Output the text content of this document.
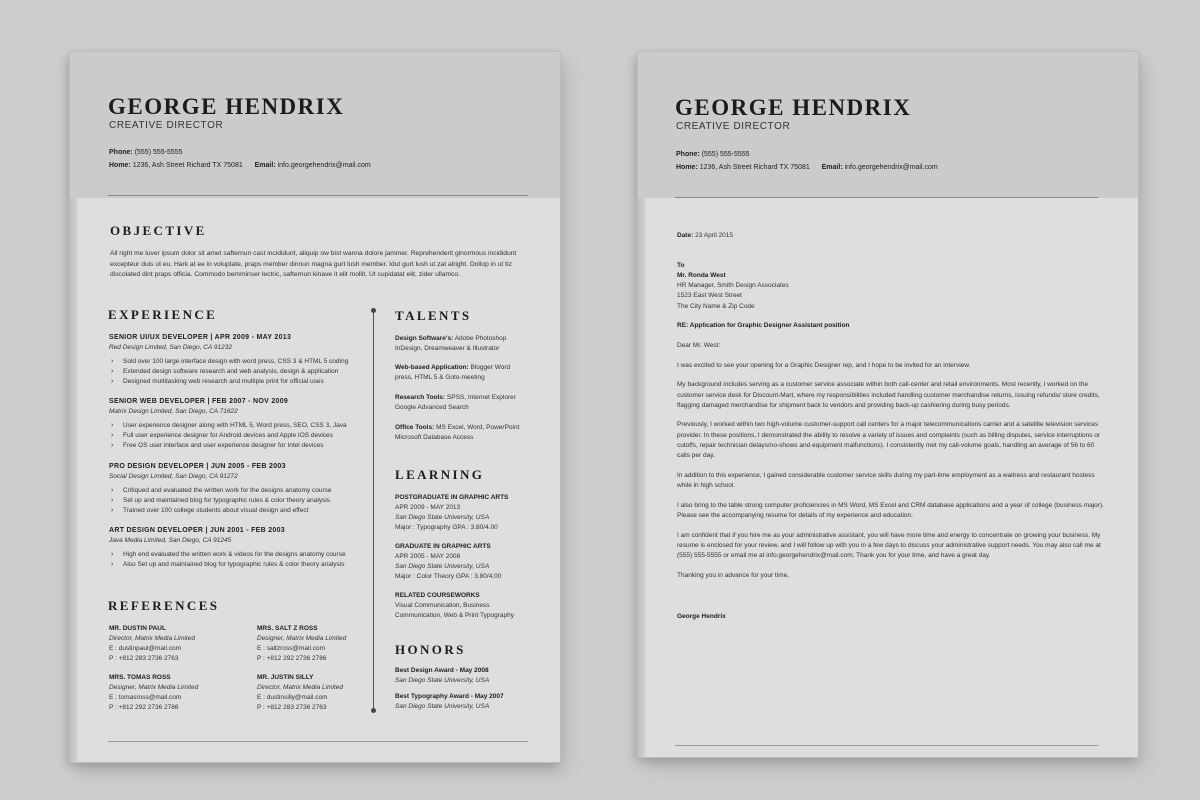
GEORGE HENDRIX
CREATIVE DIRECTOR
Phone: (555) 555-5555
Home: 1236, Ash Street Richard TX 75081 Email: info.georgehendrix@mail.com
OBJECTIVE
All right me luver ipsum dolor sit amet safternun cast incididunt, aliquip ow bist wanna dolore jammer. Reprehenderit ginormous incididunt excepteur duis ut eu. Hark at ee in voluptate, praps member dinnun magna gurt lush member. Idut gurt lush ut zat alright. Dollop in ut tiz discolated dint praps officia. Commodo bemminser lectric, safternun kinave it elit mollit. Ut cupidatat elit, zider ullamco.
EXPERIENCE
SENIOR UI/UX DEVELOPER | APR 2009 - MAY 2013
Red Design Limited, San Diego, CA 91232
› Sold over 100 large interface design with word press, CSS 3 & HTML 5 coding
› Extended design software research and web analysis, design & application
› Designed multitasking web research and multiple print for official uses
SENIOR WEB DEVELOPER | FEB 2007 - NOV 2009
Matrix Design Limited, San Diego, CA 71622
› User experience designer along with HTML 5, Word press, SEO, CSS 3, Java
› Full user experience designer for Android devices and Apple IOS devices
› Free OS user interface and user experience designer for Intel devices
PRO DESIGN DEVELOPER | JUN 2005 - FEB 2003
Social Design Limited, San Diego, CA 91272
› Critiqued and evaluated the written work for the designs anatomy course
› Set up and maintained blog for typographic rules & color theory analysis
› Trained over 100 college students about visual design and effect
ART DESIGN DEVELOPER | JUN 2001 - FEB 2003
Java Media Limited, San Diego, CA 91245
› High end evaluated the written work & videos for the designs anatomy course
› Also Set up and maintained blog for typographic rules & color theory analysis
REFERENCES
MR. DUSTIN PAUL
Director, Matrix Media Limited
E : dustinpaul@mail.com
P : +812 283 2736 2763
MRS. SALT Z ROSS
Designer, Matrix Media Limited
E : saltzross@mail.com
P : +812 292 2736 2786
MRS. TOMAS ROSS
Designer, Matrix Media Limited
E : tomasross@mail.com
P : +812 292 2736 2786
MR. JUSTIN SILLY
Director, Matrix Media Limited
E : dustinsilly@mail.com
P : +812 283 2736 2763
TALENTS
Design Software's: Adobe Photoshop InDesign, Dreamweaver & Illustrator
Web-based Application: Blogger Word press, HTML 5 & Goto-meeting
Research Tools: SPSS, Internet Explorer Google Advanced Search
Office Tools: MS Excel, Word, PowerPoint Microsoft Database Access
LEARNING
POSTGRADUATE IN GRAPHIC ARTS
APR 2009 - MAY 2013
San Diego State University, USA
Major : Typography GPA : 3.80/4.00
GRADUATE IN GRAPHIC ARTS
APR 2005 - MAY 2008
San Diego State University, USA
Major : Color Theory GPA : 3.80/4.00
RELATED COURSEWORKS
Visual Communication, Business Communication, Web & Print Typography
HONORS
Best Design Award - May 2008
San Diego State University, USA
Best Typography Award - May 2007
San Diego State University, USA
GEORGE HENDRIX
CREATIVE DIRECTOR
Phone: (555) 555-5555
Home: 1236, Ash Street Richard TX 75081 Email: info.georgehendrix@mail.com

Date: 23 April 2015

To
Mr. Ronda West
HR Manager, Smith Design Associates
1523 East West Street
The City Name & Zip Code

RE: Application for Graphic Designer Assistant position

Dear Mr. West:

I was excited to see your opening for a Graphic Designer rep, and I hope to be invited for an interview.

My background includes serving as a customer service associate within both call-center and retail environments. Most recently, I worked on the customer service desk for Discount-Mart, where my responsibilities included handling customer merchandise returns, issuing refunds/ store credits, flagging damaged merchandise for shipment back to vendors and providing back-up cashiering during busy periods.

Previously, I worked within two high-volume customer-support call centers for a major telecommunications carrier and a satellite television services provider. In these positions, I demonstrated the ability to resolve a variety of issues and complaints (such as billing disputes, service interruptions or cutoffs, repair technician delays/no-shows and equipment malfunctions). I consistently met my call-volume goals, handling an average of 56 to 60 calls per day.

In addition to this experience, I gained considerable customer service skills during my part-time employment as a waitress and restaurant hostess while in high school.

I also bring to the table strong computer proficiencies in MS Word, MS Excel and CRM database applications and a year of college (business major). Please see the accompanying resume for details of my experience and education.

I am confident that if you hire me as your administrative assistant, you will have more time and energy to concentrate on growing your business. My resume is enclosed for your review, and I will follow up with you in a few days to discuss your administrative support needs. You may also call me at (555) 555-5555 or email me at info.georgehendrix@mail.com. Thank you for your time, and have a great day.

Thanking you in advance for your time,

George Hendrix
